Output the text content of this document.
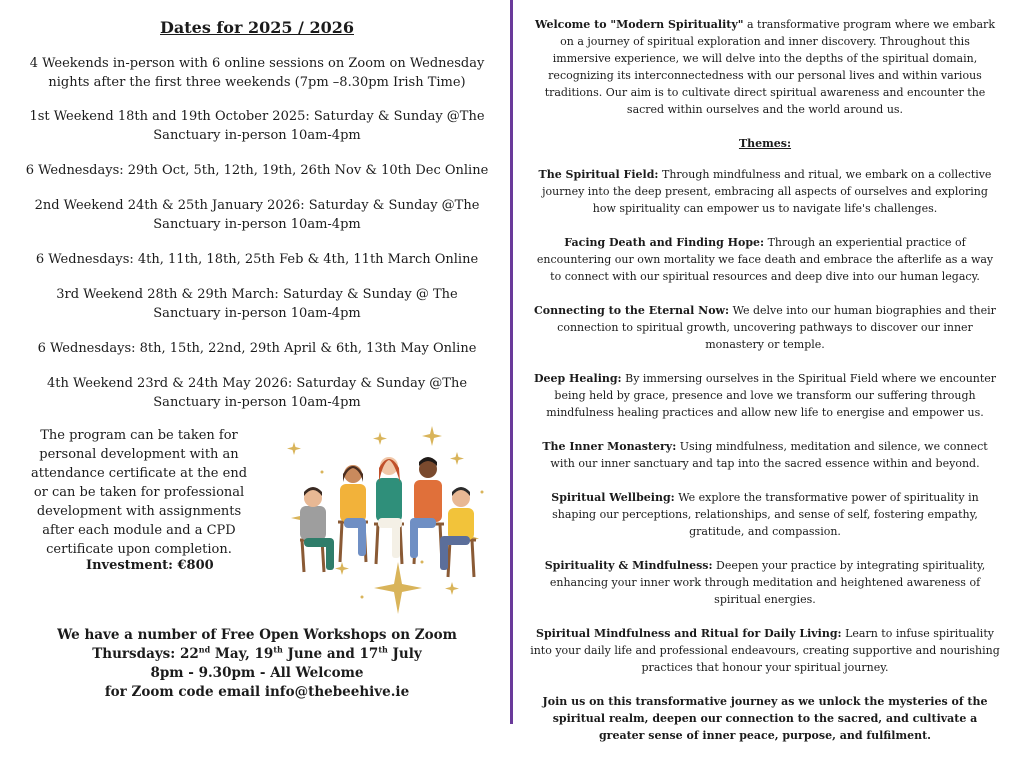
Dates for 2025 / 2026

4 Weekends in-person with 6 online sessions on Zoom on Wednesday nights after the first three weekends (7pm –8.30pm Irish Time)

1st Weekend 18th and 19th October 2025: Saturday & Sunday @The Sanctuary in-person 10am-4pm

6 Wednesdays: 29th Oct, 5th, 12th, 19th, 26th Nov & 10th Dec Online

2nd Weekend 24th & 25th January 2026: Saturday & Sunday @The Sanctuary in-person 10am-4pm

6 Wednesdays: 4th, 11th, 18th, 25th Feb & 4th, 11th March Online

3rd Weekend 28th & 29th March: Saturday & Sunday @ The Sanctuary in-person 10am-4pm

6 Wednesdays: 8th, 15th, 22nd, 29th April & 6th, 13th May Online

4th Weekend 23rd & 24th May 2026: Saturday & Sunday @The Sanctuary in-person 10am-4pm

The program can be taken for personal development with an attendance certificate at the end or can be taken for professional development with assignments after each module and a CPD certificate upon completion.

Investment: €800

We have a number of Free Open Workshops on Zoom
Thursdays: 22nd May, 19th June and 17th July
8pm - 9.30pm - All Welcome
for Zoom code email info@thebeehive.ie

Welcome to "Modern Spirituality" a transformative program where we embark on a journey of spiritual exploration and inner discovery. Throughout this immersive experience, we will delve into the depths of the spiritual domain, recognizing its interconnectedness with our personal lives and within various traditions. Our aim is to cultivate direct spiritual awareness and encounter the sacred within ourselves and the world around us.

Themes:

The Spiritual Field: Through mindfulness and ritual, we embark on a collective journey into the deep present, embracing all aspects of ourselves and exploring how spirituality can empower us to navigate life's challenges.

Facing Death and Finding Hope: Through an experiential practice of encountering our own mortality we face death and embrace the afterlife as a way to connect with our spiritual resources and deep dive into our human legacy.

Connecting to the Eternal Now: We delve into our human biographies and their connection to spiritual growth, uncovering pathways to discover our inner monastery or temple.

Deep Healing: By immersing ourselves in the Spiritual Field where we encounter being held by grace, presence and love we transform our suffering through mindfulness healing practices and allow new life to energise and empower us.

The Inner Monastery: Using mindfulness, meditation and silence, we connect with our inner sanctuary and tap into the sacred essence within and beyond.

Spiritual Wellbeing: We explore the transformative power of spirituality in shaping our perceptions, relationships, and sense of self, fostering empathy, gratitude, and compassion.

Spirituality & Mindfulness: Deepen your practice by integrating spirituality, enhancing your inner work through meditation and heightened awareness of spiritual energies.

Spiritual Mindfulness and Ritual for Daily Living: Learn to infuse spirituality into your daily life and professional endeavours, creating supportive and nourishing practices that honour your spiritual journey.

Join us on this transformative journey as we unlock the mysteries of the spiritual realm, deepen our connection to the sacred, and cultivate a greater sense of inner peace, purpose, and fulfilment.
